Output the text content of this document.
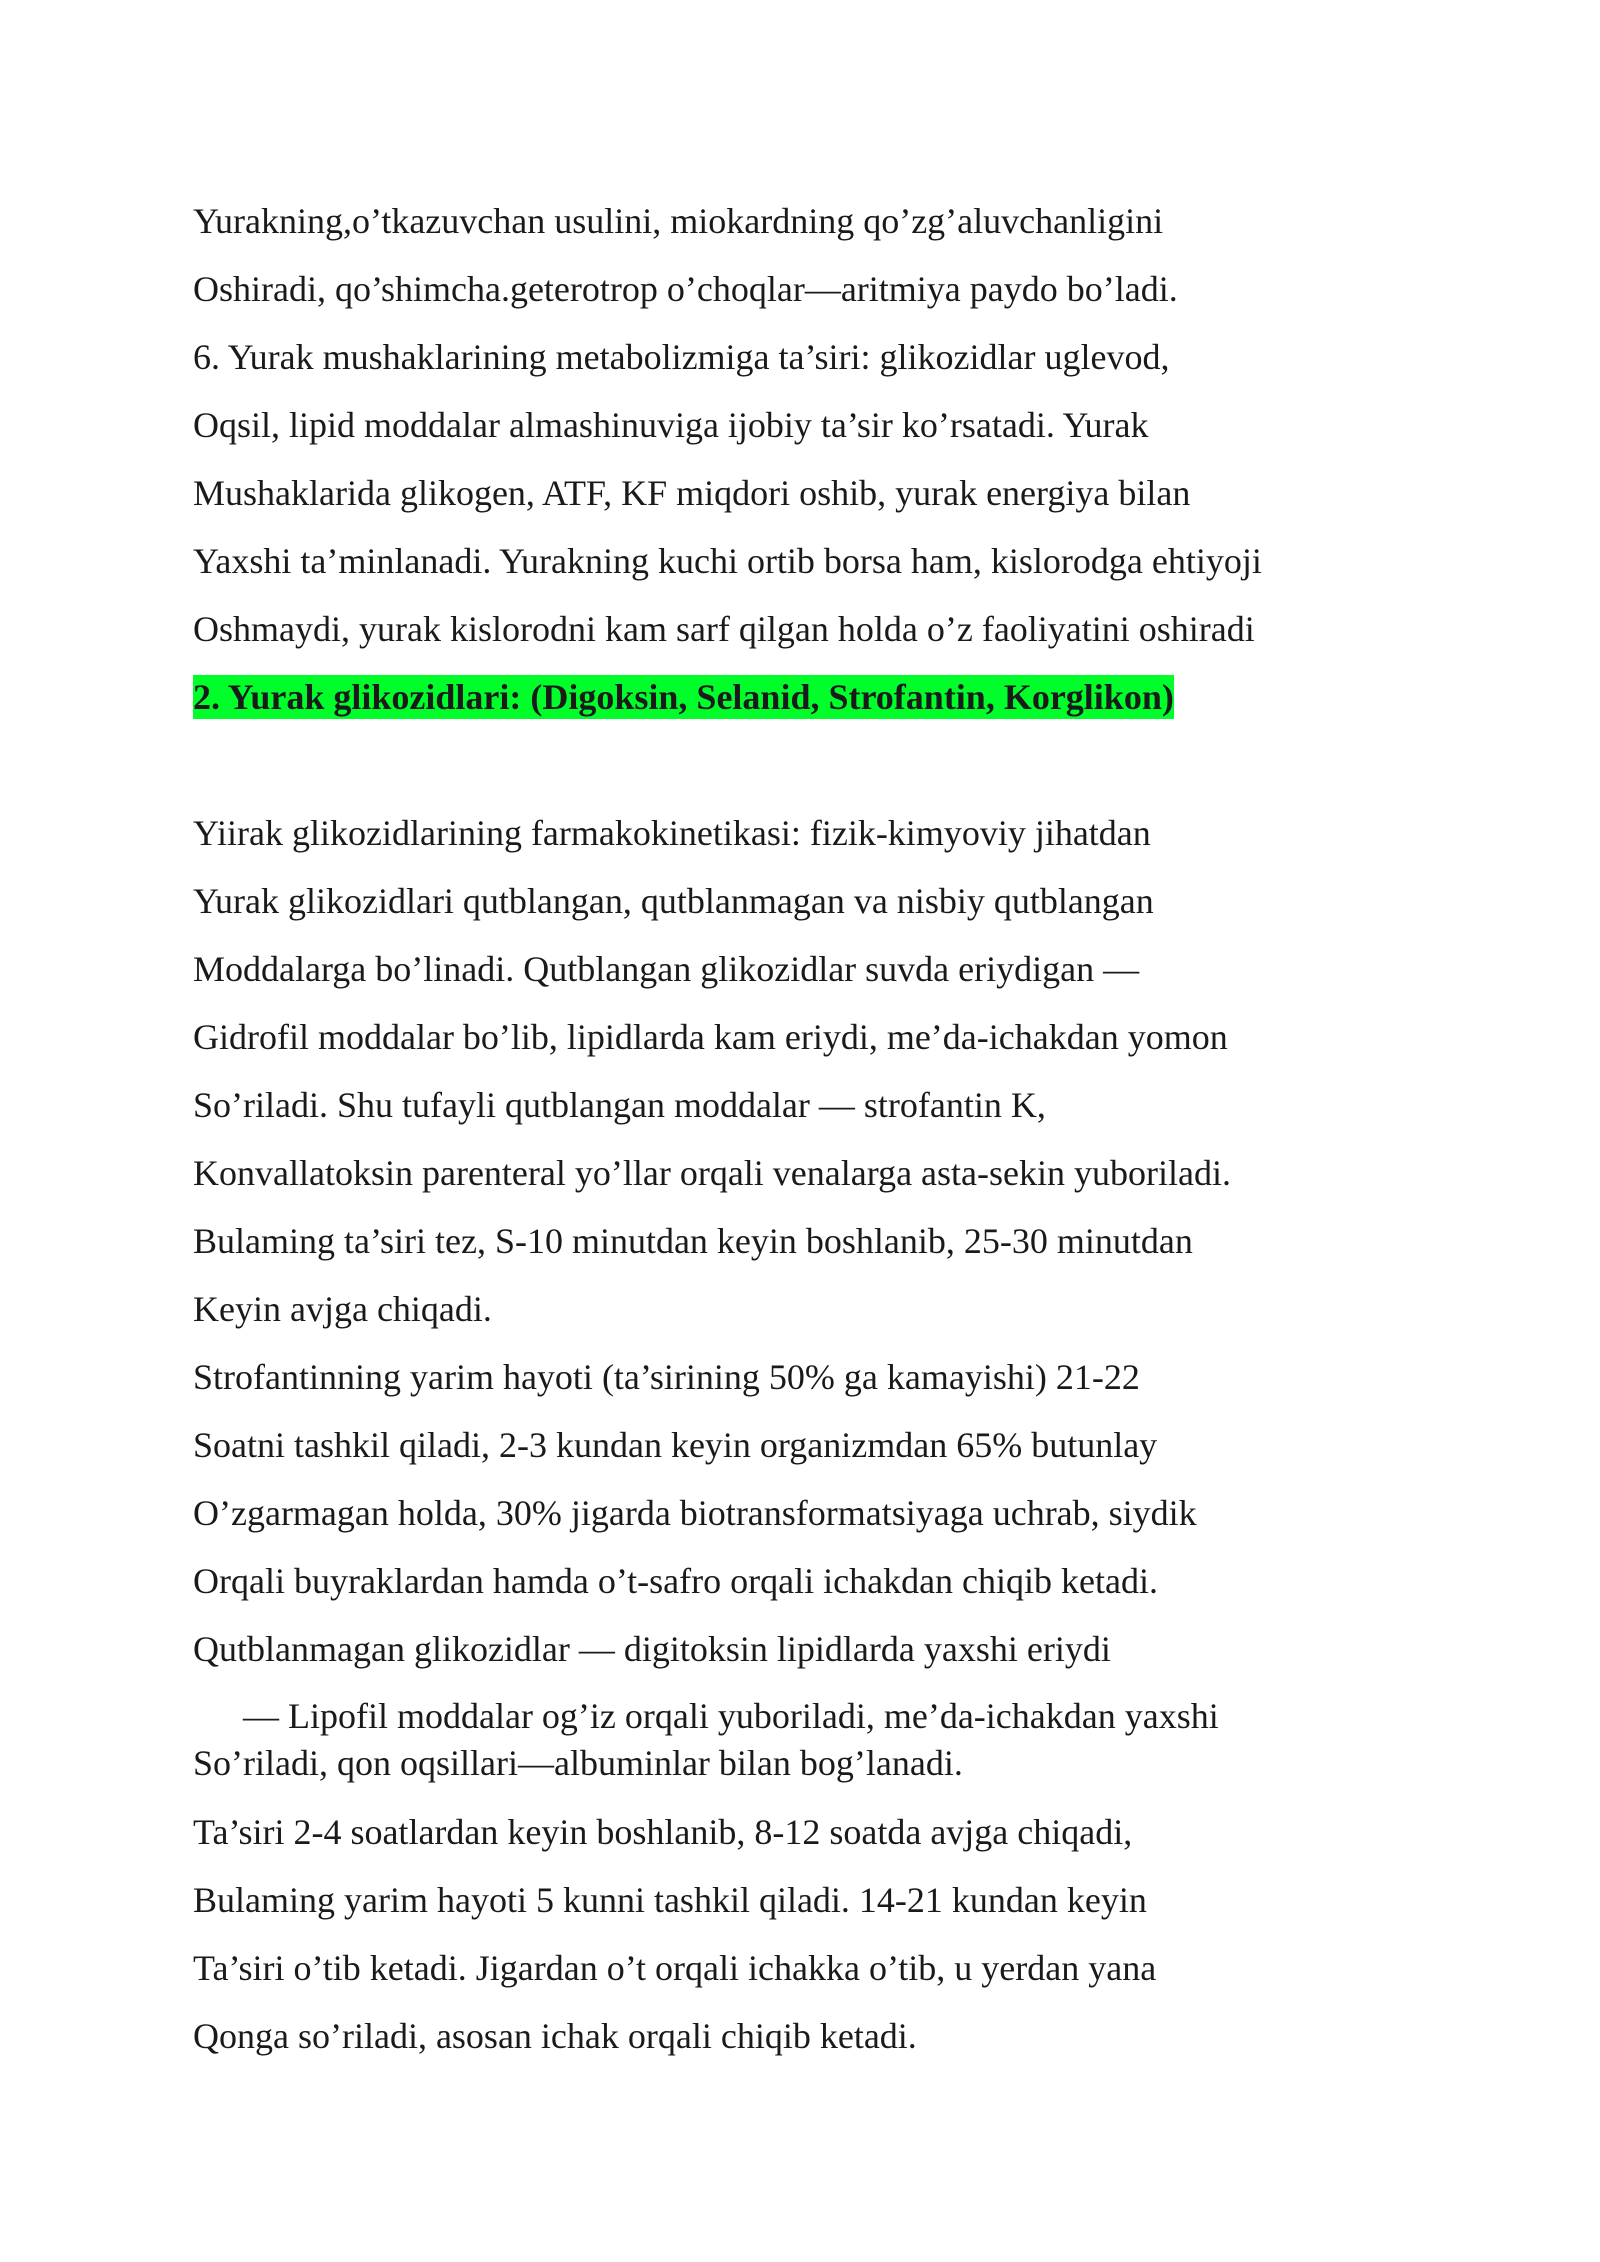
Yurakning,o’tkazuvchan usulini, miokardning qo’zg’aluvchanligini
Oshiradi, qo’shimcha.geterotrop o’choqlar—aritmiya paydo bo’ladi.
6. Yurak mushaklarining metabolizmiga ta’siri: glikozidlar uglevod,
Oqsil, lipid moddalar almashinuviga ijobiy ta’sir ko’rsatadi. Yurak
Mushaklarida glikogen, ATF, KF miqdori oshib, yurak energiya bilan
Yaxshi ta’minlanadi. Yurakning kuchi ortib borsa ham, kislorodga ehtiyoji
Oshmaydi, yurak kislorodni kam sarf qilgan holda o’z faoliyatini oshiradi
2. Yurak glikozidlari: (Digoksin, Selanid, Strofantin, Korglikon)
Yiirak glikozidlarining farmakokinetikasi: fizik-kimyoviy jihatdan
Yurak glikozidlari qutblangan, qutblanmagan va nisbiy qutblangan
Moddalarga bo’linadi. Qutblangan glikozidlar suvda eriydigan —
Gidrofil moddalar bo’lib, lipidlarda kam eriydi, me’da-ichakdan yomon
So’riladi. Shu tufayli qutblangan moddalar — strofantin K,
Konvallatoksin parenteral yo’llar orqali venalarga asta-sekin yuboriladi.
Bulaming ta’siri tez, S-10 minutdan keyin boshlanib, 25-30 minutdan
Keyin avjga chiqadi.
Strofantinning yarim hayoti (ta’sirining 50% ga kamayishi) 21-22
Soatni tashkil qiladi, 2-3 kundan keyin organizmdan 65% butunlay
O’zgarmagan holda, 30% jigarda biotransformatsiyaga uchrab, siydik
Orqali buyraklardan hamda o’t-safro orqali ichakdan chiqib ketadi.
Qutblanmagan glikozidlar — digitoksin lipidlarda yaxshi eriydi
— Lipofil moddalar og’iz orqali yuboriladi, me’da-ichakdan yaxshi
So’riladi, qon oqsillari—albuminlar bilan bog’lanadi.
Ta’siri 2-4 soatlardan keyin boshlanib, 8-12 soatda avjga chiqadi,
Bulaming yarim hayoti 5 kunni tashkil qiladi. 14-21 kundan keyin
Ta’siri o’tib ketadi. Jigardan o’t orqali ichakka o’tib, u yerdan yana
Qonga so’riladi, asosan ichak orqali chiqib ketadi.
